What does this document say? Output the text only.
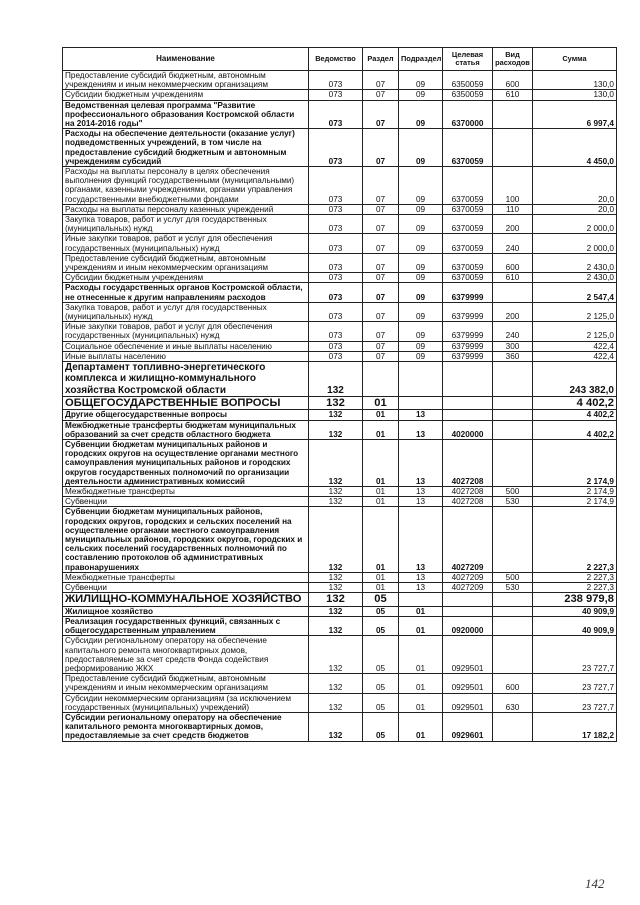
Наименование	Ведомство	Раздел	Подраздел	Целевая статья	Вид расходов	Сумма
Предоставление субсидий бюджетным, автономным учреждениям и иным некоммерческим организациям	073	07	09	6350059	600	130,0
Субсидии бюджетным учреждениям	073	07	09	6350059	610	130,0
Ведомственная целевая программа "Развитие профессионального образования Костромской области на 2014-2016 годы"	073	07	09	6370000		6 997,4
Расходы на обеспечение деятельности (оказание услуг) подведомственных учреждений, в том числе на предоставление субсидий бюджетным и автономным учреждениям субсидий	073	07	09	6370059		4 450,0
Расходы на выплаты персоналу в целях обеспечения выполнения функций государственными (муниципальными) органами, казенными учреждениями, органами управления государственными внебюджетными фондами	073	07	09	6370059	100	20,0
Расходы на выплаты персоналу казенных учреждений	073	07	09	6370059	110	20,0
Закупка товаров, работ и услуг для государственных (муниципальных) нужд	073	07	09	6370059	200	2 000,0
Иные закупки товаров, работ и услуг для обеспечения государственных (муниципальных) нужд	073	07	09	6370059	240	2 000,0
Предоставление субсидий бюджетным, автономным учреждениям и иным некоммерческим организациям	073	07	09	6370059	600	2 430,0
Субсидии бюджетным учреждениям	073	07	09	6370059	610	2 430,0
Расходы государственных органов Костромской области, не отнесенные к другим направлениям расходов	073	07	09	6379999		2 547,4
Закупка товаров, работ и услуг для государственных (муниципальных) нужд	073	07	09	6379999	200	2 125,0
Иные закупки товаров, работ и услуг для обеспечения государственных (муниципальных) нужд	073	07	09	6379999	240	2 125,0
Социальное обеспечение и иные выплаты населению	073	07	09	6379999	300	422,4
Иные выплаты населению	073	07	09	6379999	360	422,4
Департамент топливно-энергетического комплекса и жилищно-коммунального хозяйства Костромской области	132					243 382,0
ОБЩЕГОСУДАРСТВЕННЫЕ ВОПРОСЫ	132	01				4 402,2
Другие общегосударственные вопросы	132	01	13			4 402,2
Межбюджетные трансферты бюджетам муниципальных образований за счет средств областного бюджета	132	01	13	4020000		4 402,2
Субвенции бюджетам муниципальных районов и городских округов на осуществление органами местного самоуправления муниципальных районов и городских округов государственных полномочий по организации деятельности административных комиссий	132	01	13	4027208		2 174,9
Межбюджетные трансферты	132	01	13	4027208	500	2 174,9
Субвенции	132	01	13	4027208	530	2 174,9
Субвенции бюджетам муниципальных районов, городских округов, городских и сельских поселений на осуществление органами местного самоуправления муниципальных районов, городских округов, городских и сельских поселений государственных полномочий по составлению протоколов об административных правонарушениях	132	01	13	4027209		2 227,3
Межбюджетные трансферты	132	01	13	4027209	500	2 227,3
Субвенции	132	01	13	4027209	530	2 227,3
ЖИЛИЩНО-КОММУНАЛЬНОЕ ХОЗЯЙСТВО	132	05				238 979,8
Жилищное хозяйство	132	05	01			40 909,9
Реализация государственных функций, связанных с общегосударственным управлением	132	05	01	0920000		40 909,9
Субсидии региональному оператору на обеспечение капитального ремонта многоквартирных домов, предоставляемые за счет средств Фонда содействия реформированию ЖКХ	132	05	01	0929501		23 727,7
Предоставление субсидий бюджетным, автономным учреждениям и иным некоммерческим организациям	132	05	01	0929501	600	23 727,7
Субсидии некоммерческим организациям (за исключением государственных (муниципальных) учреждений)	132	05	01	0929501	630	23 727,7
Субсидии региональному оператору на обеспечение капитального ремонта многоквартирных домов, предоставляемые за счет средств бюджетов	132	05	01	0929601		17 182,2
142
